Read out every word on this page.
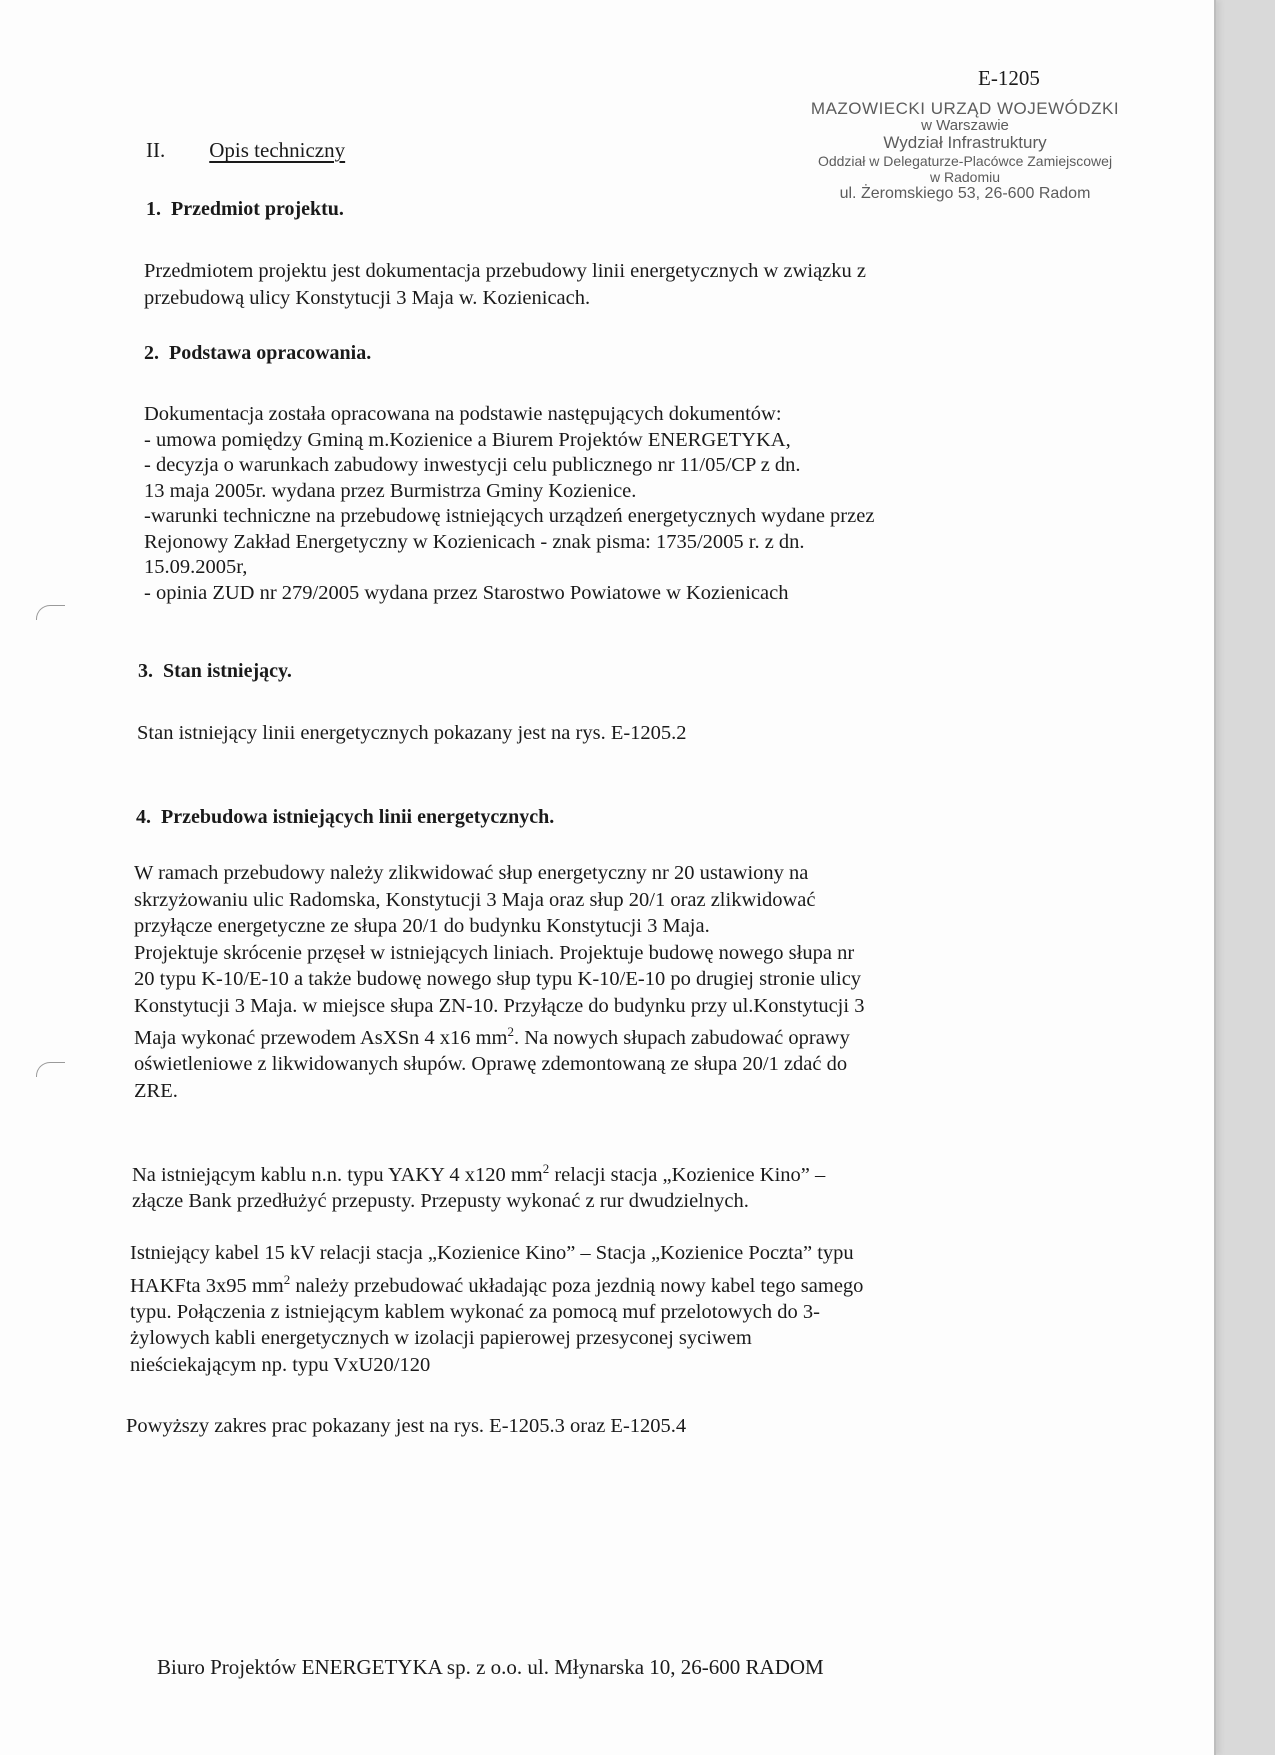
E-1205
MAZOWIECKI URZĄD WOJEWÓDZKI
w Warszawie
Wydział Infrastruktury
Oddział w Delegaturze-Placówce Zamiejscowej
w Radomiu
ul. Żeromskiego 53, 26-600 Radom
II. Opis techniczny
1. Przedmiot projektu.
Przedmiotem projektu jest dokumentacja przebudowy linii energetycznych w związku z
przebudową ulicy Konstytucji 3 Maja w. Kozienicach.
2. Podstawa opracowania.
Dokumentacja została opracowana na podstawie następujących dokumentów:
- umowa pomiędzy Gminą m.Kozienice a Biurem Projektów ENERGETYKA,
- decyzja o warunkach zabudowy inwestycji celu publicznego nr 11/05/CP z dn.
13 maja 2005r. wydana przez Burmistrza Gminy Kozienice.
-warunki techniczne na przebudowę istniejących urządzeń energetycznych wydane przez
Rejonowy Zakład Energetyczny w Kozienicach - znak pisma: 1735/2005 r. z dn.
15.09.2005r,
- opinia ZUD nr 279/2005 wydana przez Starostwo Powiatowe w Kozienicach
3. Stan istniejący.
Stan istniejący linii energetycznych pokazany jest na rys. E-1205.2
4. Przebudowa istniejących linii energetycznych.
W ramach przebudowy należy zlikwidować słup energetyczny nr 20 ustawiony na
skrzyżowaniu ulic Radomska, Konstytucji 3 Maja oraz słup 20/1 oraz zlikwidować
przyłącze energetyczne ze słupa 20/1 do budynku Konstytucji 3 Maja.
Projektuje skrócenie przęseł w istniejących liniach. Projektuje budowę nowego słupa nr
20 typu K-10/E-10 a także budowę nowego słup typu K-10/E-10 po drugiej stronie ulicy
Konstytucji 3 Maja. w miejsce słupa ZN-10. Przyłącze do budynku przy ul.Konstytucji 3
Maja wykonać przewodem AsXSn 4 x16 $mm^2$. Na nowych słupach zabudować oprawy
oświetleniowe z likwidowanych słupów. Oprawę zdemontowaną ze słupa 20/1 zdać do
ZRE.
Na istniejącym kablu n.n. typu YAKY 4 x120 $mm^2$ relacji stacja „Kozienice Kino” –
złącze Bank przedłużyć przepusty. Przepusty wykonać z rur dwudzielnych.
Istniejący kabel 15 kV relacji stacja „Kozienice Kino” – Stacja „Kozienice Poczta” typu
HAKFta 3x95 $mm^2$ należy przebudować układając poza jezdnią nowy kabel tego samego
typu. Połączenia z istniejącym kablem wykonać za pomocą muf przelotowych do 3-
żylowych kabli energetycznych w izolacji papierowej przesyconej syciwem
nieściekającym np. typu VxU20/120
Powyższy zakres prac pokazany jest na rys. E-1205.3 oraz E-1205.4
Biuro Projektów ENERGETYKA sp. z o.o. ul. Młynarska 10, 26-600 RADOM
